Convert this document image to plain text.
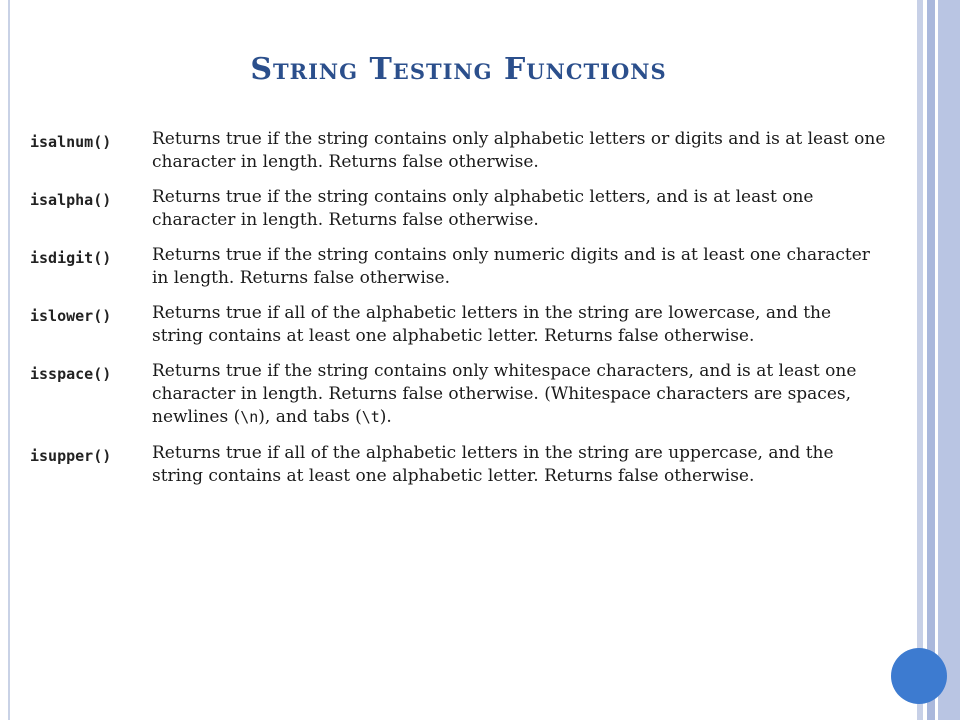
String Testing Functions
isalnum()	Returns true if the string contains only alphabetic letters or digits and is at least one character in length. Returns false otherwise.
isalpha()	Returns true if the string contains only alphabetic letters, and is at least one character in length. Returns false otherwise.
isdigit()	Returns true if the string contains only numeric digits and is at least one character in length. Returns false otherwise.
islower()	Returns true if all of the alphabetic letters in the string are lowercase, and the string contains at least one alphabetic letter. Returns false otherwise.
isspace()	Returns true if the string contains only whitespace characters, and is at least one character in length. Returns false otherwise. (Whitespace characters are spaces, newlines (\n), and tabs (\t).
isupper()	Returns true if all of the alphabetic letters in the string are uppercase, and the string contains at least one alphabetic letter. Returns false otherwise.
